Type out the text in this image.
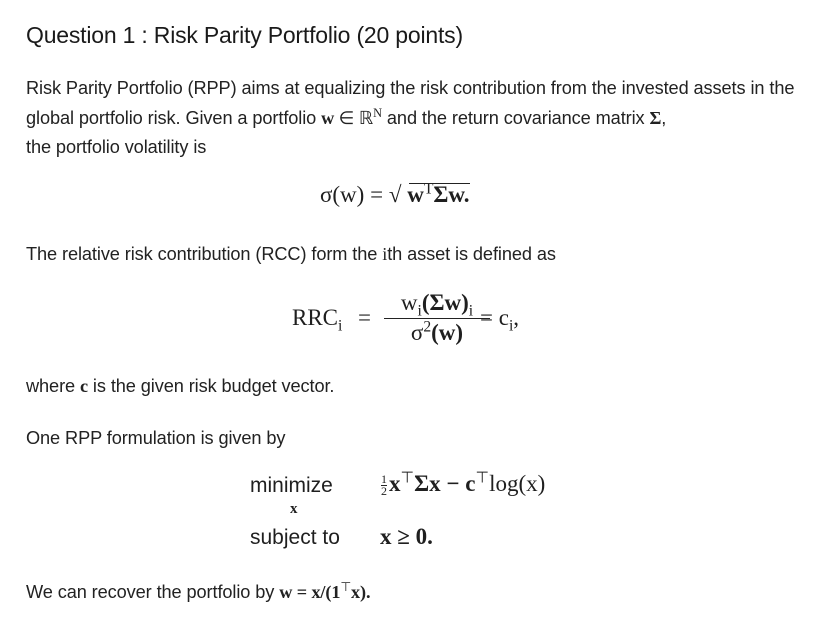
Question 1 : Risk Parity Portfolio (20 points)
Risk Parity Portfolio (RPP) aims at equalizing the risk contribution from the invested assets in the global portfolio risk. Given a portfolio w ∈ ℝ$^N$ and the return covariance matrix Σ,
the portfolio volatility is
σ(w) =
√ $w^T\Sigma w$.
The relative risk contribution (RCC) form the ith asset is defined as
$RRC_i$ =
$w_i(\Sigma w)_i$
$\sigma^2(w)$
= $c_i$,
where c is the given risk budget vector.
One RPP formulation is given by
minimize
x
$\frac{1}{2}x^⊤\Sigma x - c^⊤\log(x)$
subject to x ≥ 0.
We can recover the portfolio by w = x/(1⊤x).
